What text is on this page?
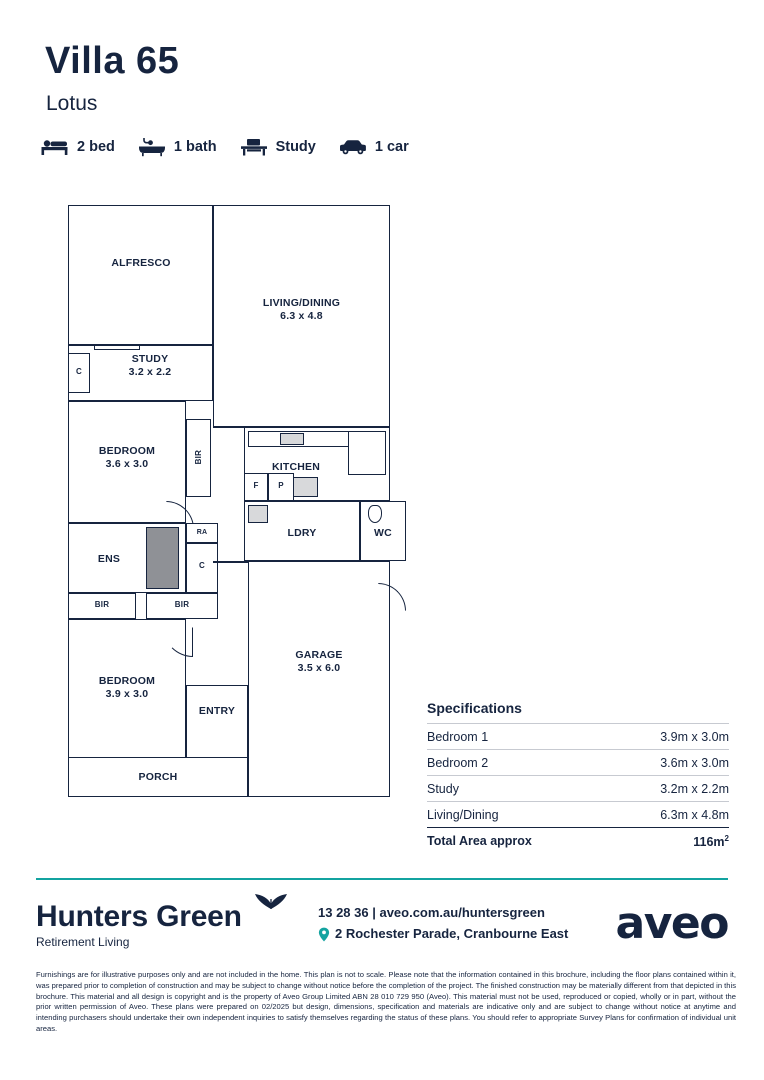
Villa 65
Lotus
2 bed	1 bath	Study	1 car
ALFRESCO
LIVING/DINING
6.3 x 4.8
STUDY
3.2 x 2.2
C
BEDROOM
3.6 x 3.0
BIR
ENS
RA
C
BIR	BIR
BEDROOM
3.9 x 3.0
ENTRY
PORCH
KITCHEN
F	P
LDRY	WC
GARAGE
3.5 x 6.0
Specifications
Bedroom 1	3.9m x 3.0m
Bedroom 2	3.6m x 3.0m
Study	3.2m x 2.2m
Living/Dining	6.3m x 4.8m
Total Area approx	$116m^2$
Hunters Green
Retirement Living
13 28 36 | aveo.com.au/huntersgreen
2 Rochester Parade, Cranbourne East aveo
Furnishings are for illustrative purposes only and are not included in the home. This plan is not to scale. Please note that the information contained in this brochure, including the floor plans contained within it, was prepared prior to completion of construction and may be subject to change without notice before the completion of the project. The finished construction may be materially different from that depicted in this brochure. This material and all design is copyright and is the property of Aveo Group Limited ABN 28 010 729 950 (Aveo). This material must not be used, reproduced or copied, wholly or in part, without the prior written permission of Aveo. These plans were prepared on 02/2025 but design, dimensions, specification and materials are indicative only and are subject to change without notice at anytime and intending purchasers should undertake their own independent inquiries to satisfy themselves regarding the status of these plans. You should refer to appropriate Survey Plans for confirmation of individual unit areas.
